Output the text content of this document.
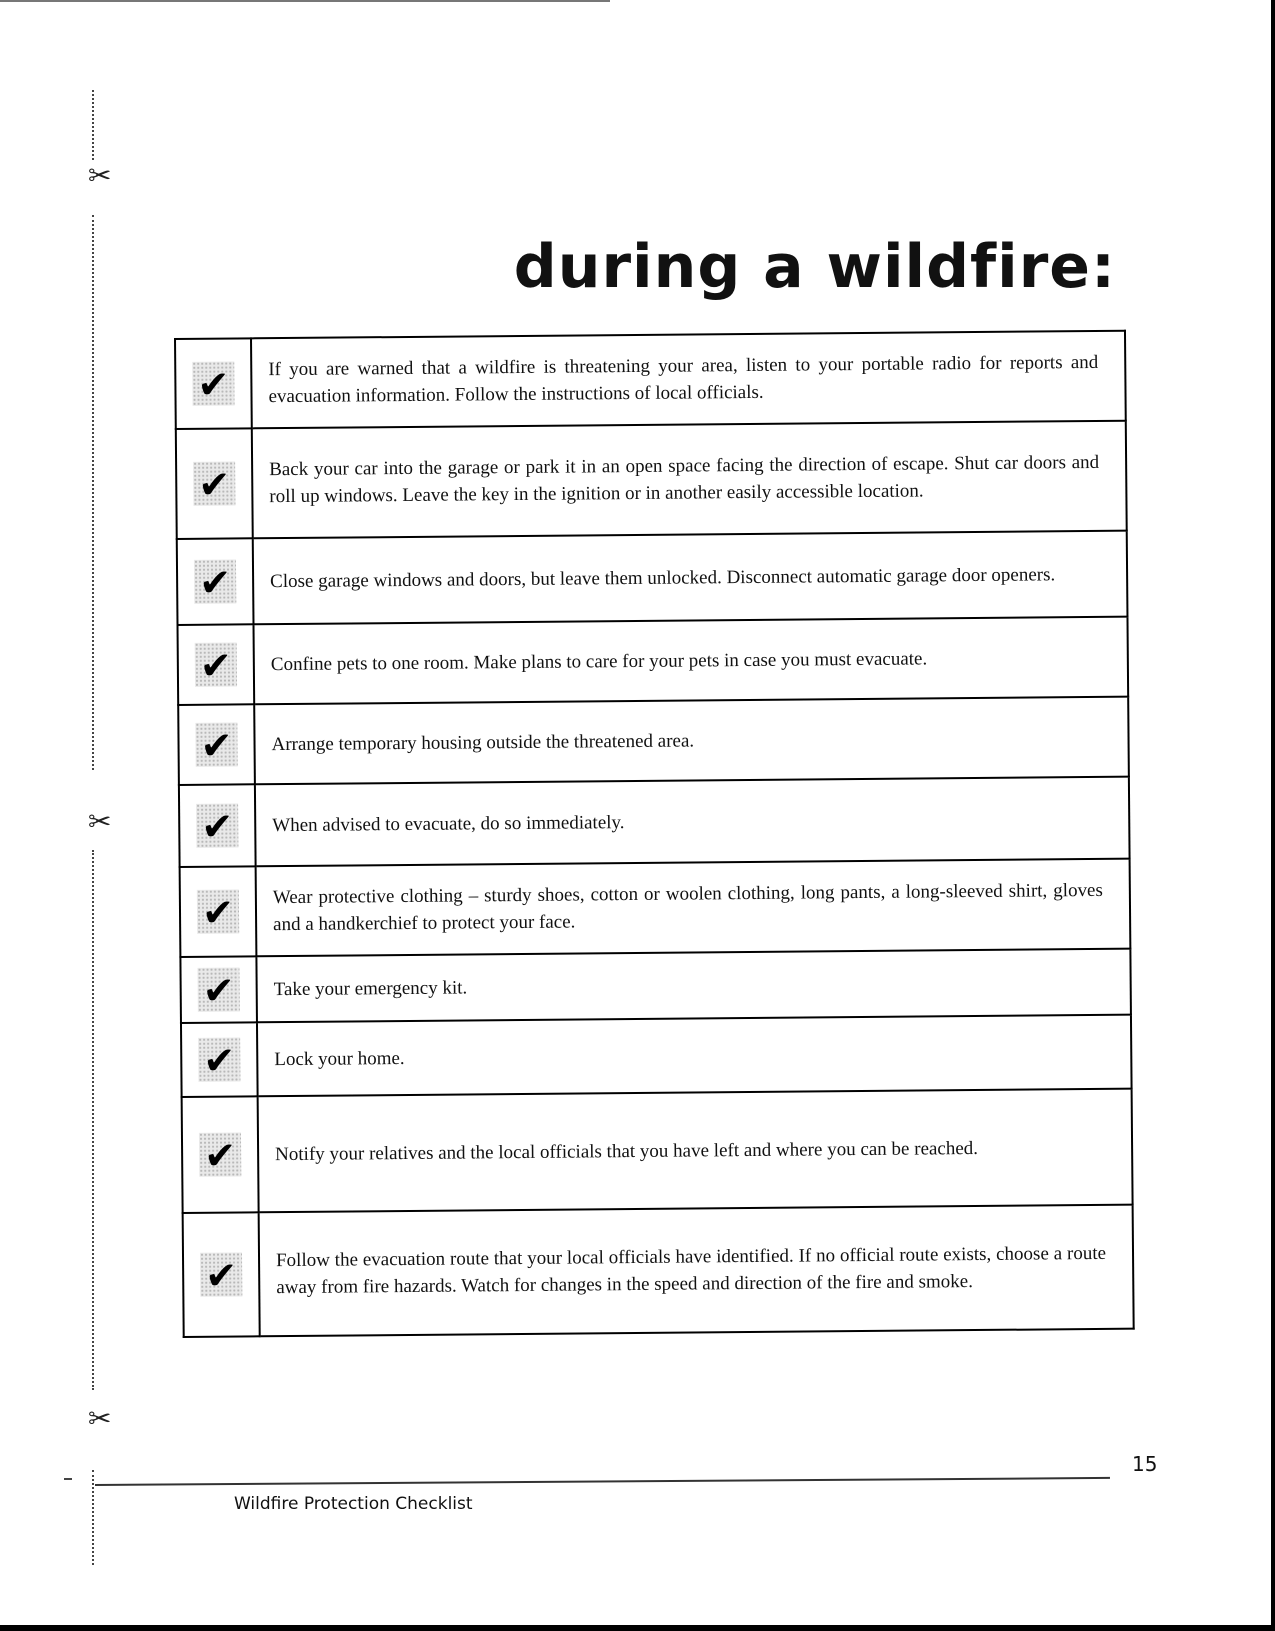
✂
✂
✂
during a wildfire:
✔	If you are warned that a wildfire is threatening your area, listen to your portable radio for reports and evacuation information. Follow the instructions of local officials.
✔	Back your car into the garage or park it in an open space facing the direction of escape. Shut car doors and roll up windows. Leave the key in the ignition or in another easily accessible location.
✔	Close garage windows and doors, but leave them unlocked. Disconnect automatic garage door openers.
✔	Confine pets to one room. Make plans to care for your pets in case you must evacuate.
✔	Arrange temporary housing outside the threatened area.
✔	When advised to evacuate, do so immediately.
✔	Wear protective clothing – sturdy shoes, cotton or woolen clothing, long pants, a long-sleeved shirt, gloves and a handkerchief to protect your face.
✔	Take your emergency kit.
✔	Lock your home.
✔	Notify your relatives and the local officials that you have left and where you can be reached.
✔	Follow the evacuation route that your local officials have identified. If no official route exists, choose a route away from fire hazards. Watch for changes in the speed and direction of the fire and smoke.
15
Wildfire Protection Checklist
